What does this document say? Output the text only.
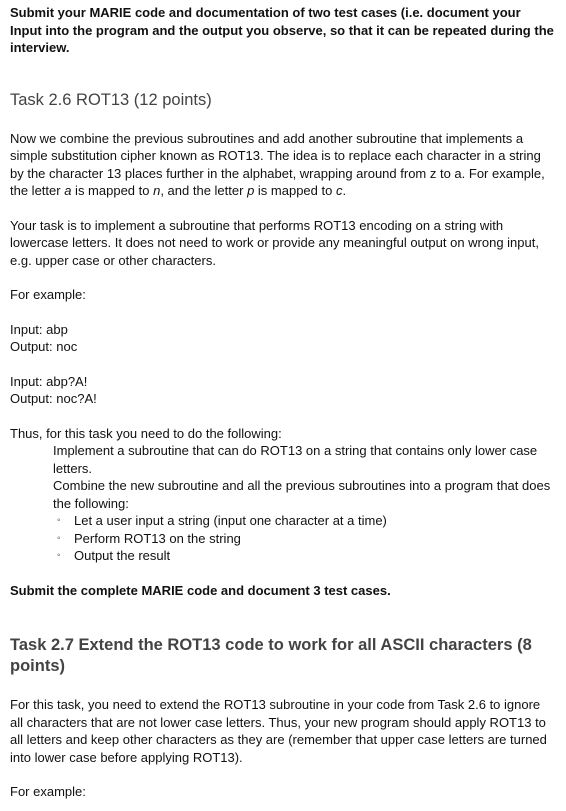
Submit your MARIE code and documentation of two test cases (i.e. document your Input into the program and the output you observe, so that it can be repeated during the interview.

Task 2.6 ROT13 (12 points)

Now we combine the previous subroutines and add another subroutine that implements a simple substitution cipher known as ROT13. The idea is to replace each character in a string by the character 13 places further in the alphabet, wrapping around from z to a. For example, the letter a is mapped to n, and the letter p is mapped to c.

Your task is to implement a subroutine that performs ROT13 encoding on a string with lowercase letters. It does not need to work or provide any meaningful output on wrong input, e.g. upper case or other characters.

For example:

Input: abp

Output: noc

Input: abp?A!

Output: noc?A!

Thus, for this task you need to do the following:

Implement a subroutine that can do ROT13 on a string that contains only lower case letters.

Combine the new subroutine and all the previous subroutines into a program that does the following:

◦ Let a user input a string (input one character at a time)
◦ Perform ROT13 on the string
◦ Output the result

Submit the complete MARIE code and document 3 test cases.

Task 2.7 Extend the ROT13 code to work for all ASCII characters (8 points)

For this task, you need to extend the ROT13 subroutine in your code from Task 2.6 to ignore all characters that are not lower case letters. Thus, your new program should apply ROT13 to all letters and keep other characters as they are (remember that upper case letters are turned into lower case before applying ROT13).

For example:
